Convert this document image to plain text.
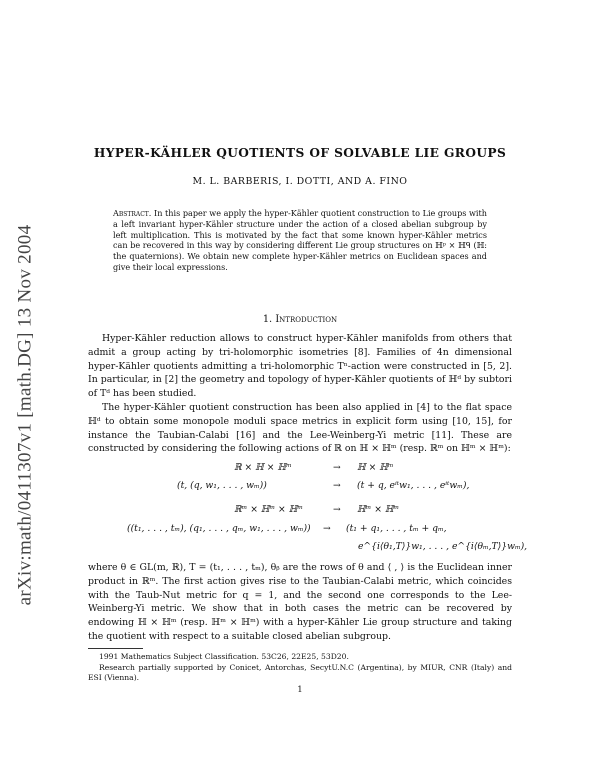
arXiv:math/0411307v1 [math.DG] 13 Nov 2004
HYPER-KÄHLER QUOTIENTS OF SOLVABLE LIE GROUPS
M. L. BARBERIS, I. DOTTI, AND A. FINO
Abstract. In this paper we apply the hyper-Kähler quotient construction to Lie groups with a left invariant hyper-Kähler structure under the action of a closed abelian subgroup by left multiplication. This is motivated by the fact that some known hyper-Kähler metrics can be recovered in this way by considering different Lie group structures on ℍᵖ × ℍᑫ (ℍ: the quaternions). We obtain new complete hyper-Kähler metrics on Euclidean spaces and give their local expressions.
1. Introduction

Hyper-Kähler reduction allows to construct hyper-Kähler manifolds from others that admit a group acting by tri-holomorphic isometries [8]. Families of 4n dimensional hyper-Kähler quotients admitting a tri-holomorphic Tⁿ-action were constructed in [5, 2]. In particular, in [2] the geometry and topology of hyper-Kähler quotients of ℍᵈ by subtori of Tᵈ has been studied.

The hyper-Kähler quotient construction has been also applied in [4] to the flat space ℍᵈ to obtain some monopole moduli space metrics in explicit form using [10, 15], for instance the Taubian-Calabi [16] and the Lee-Weinberg-Yi metric [11]. These are constructed by considering the following actions of ℝ on ℍ × ℍᵐ (resp. ℝᵐ on ℍᵐ × ℍᵐ):

ℝ × ℍ × ℍᵐ	→ ℍ × ℍᵐ
(t, (q, w₁, . . . , wₘ))	→ (t + q, eⁱᵗw₁, . . . , eⁱᵗwₘ),
ℝᵐ × ℍᵐ × ℍᵐ	→ ℍᵐ × ℍᵐ
((t₁, . . . , tₘ), (q₁, . . . , qₘ, w₁, . . . , wₘ)) → (t₁ + q₁, . . . , tₘ + qₘ,
e^{i⟨θ₁,T⟩}w₁, . . . , e^{i⟨θₘ,T⟩}wₘ),

where θ ∈ GL(m, ℝ), T = (t₁, . . . , tₘ), θᵦ are the rows of θ and ⟨ , ⟩ is the Euclidean inner product in ℝᵐ. The first action gives rise to the Taubian-Calabi metric, which coincides with the Taub-Nut metric for q = 1, and the second one corresponds to the Lee-Weinberg-Yi metric. We show that in both cases the metric can be recovered by endowing ℍ × ℍᵐ (resp. ℍᵐ × ℍᵐ) with a hyper-Kähler Lie group structure and taking the quotient with respect to a suitable closed abelian subgroup.

1991 Mathematics Subject Classification. 53C26, 22E25, 53D20.

Research partially supported by Conicet, Antorchas, SecytU.N.C (Argentina), by MIUR, CNR (Italy) and ESI (Vienna).

1
